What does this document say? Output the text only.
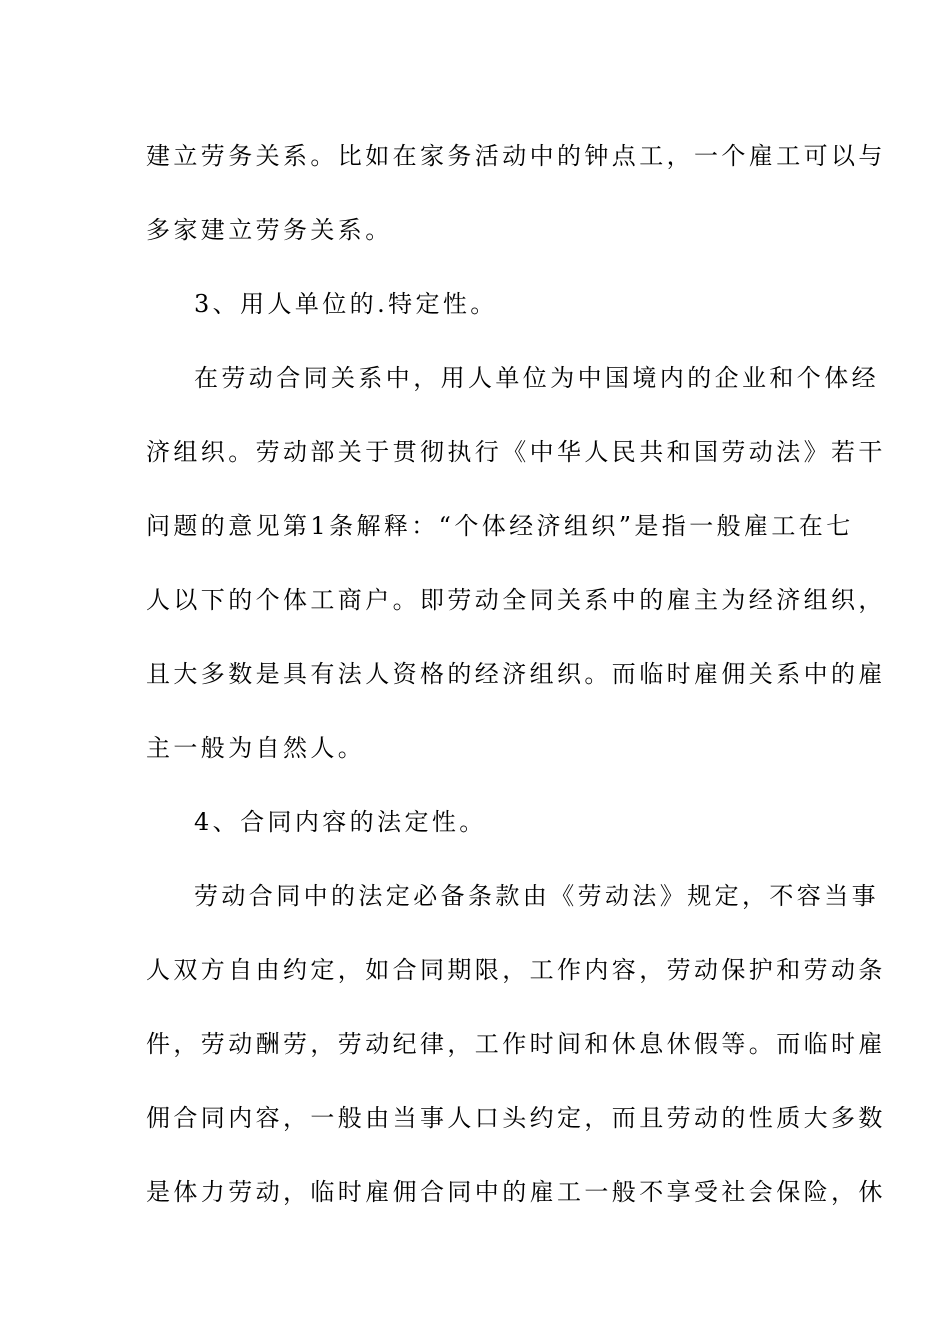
建立劳务关系。比如在家务活动中的钟点工，一个雇工可以与
多家建立劳务关系。
3、用人单位的.特定性。
在劳动合同关系中，用人单位为中国境内的企业和个体经
济组织。劳动部关于贯彻执行《中华人民共和国劳动法》若干
问题的意见第1条解释：“个体经济组织”是指一般雇工在七
人以下的个体工商户。即劳动全同关系中的雇主为经济组织，
且大多数是具有法人资格的经济组织。而临时雇佣关系中的雇
主一般为自然人。
4、合同内容的法定性。
劳动合同中的法定必备条款由《劳动法》规定，不容当事
人双方自由约定，如合同期限，工作内容，劳动保护和劳动条
件，劳动酬劳，劳动纪律，工作时间和休息休假等。而临时雇
佣合同内容，一般由当事人口头约定，而且劳动的性质大多数
是体力劳动，临时雇佣合同中的雇工一般不享受社会保险，休
